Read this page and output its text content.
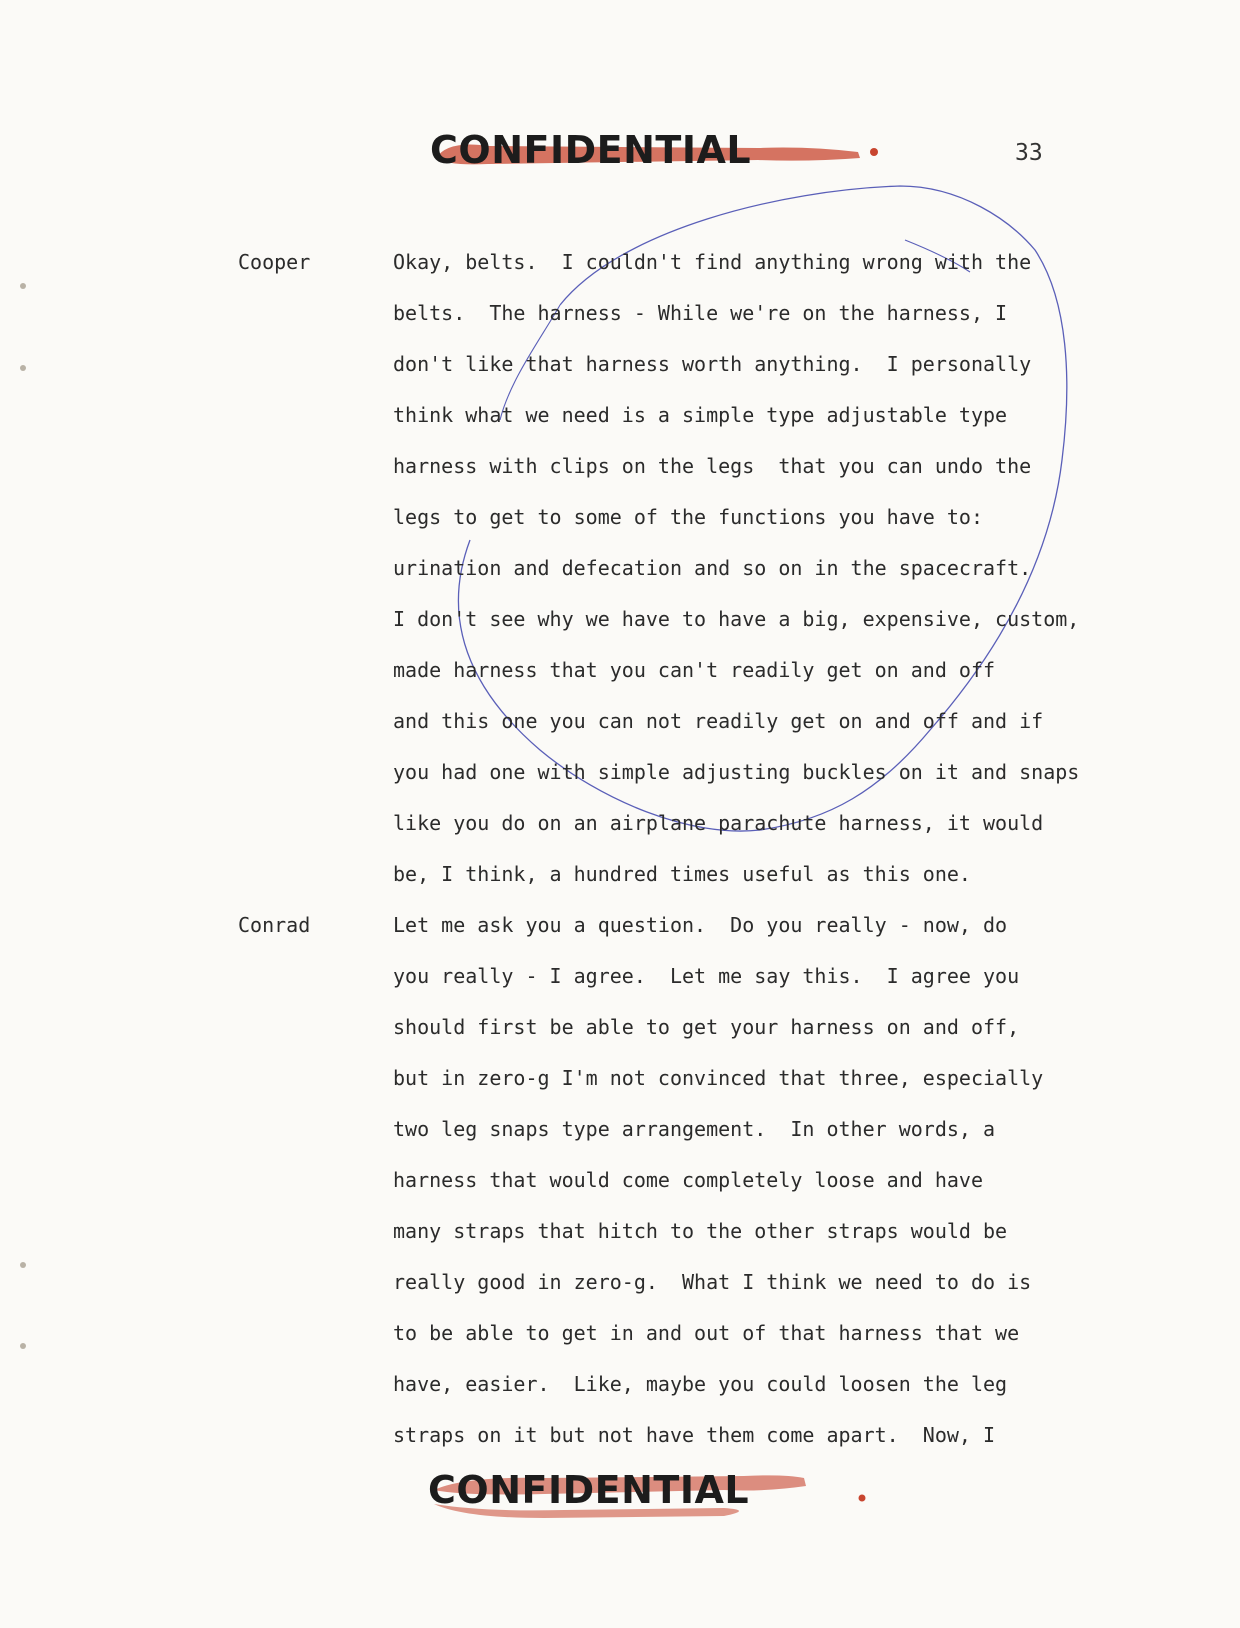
CONFIDENTIAL	33
Cooper	Okay, belts.  I couldn't find anything wrong with the
belts.  The harness - While we're on the harness, I
don't like that harness worth anything.  I personally
think what we need is a simple type adjustable type
harness with clips on the legs  that you can undo the
legs to get to some of the functions you have to:
urination and defecation and so on in the spacecraft.
I don't see why we have to have a big, expensive, custom,
made harness that you can't readily get on and off
and this one you can not readily get on and off and if
you had one with simple adjusting buckles on it and snaps
like you do on an airplane parachute harness, it would
be, I think, a hundred times useful as this one.
Conrad	Let me ask you a question.  Do you really - now, do
you really - I agree.  Let me say this.  I agree you
should first be able to get your harness on and off,
but in zero-g I'm not convinced that three, especially
two leg snaps type arrangement.  In other words, a
harness that would come completely loose and have
many straps that hitch to the other straps would be
really good in zero-g.  What I think we need to do is
to be able to get in and out of that harness that we
have, easier.  Like, maybe you could loosen the leg
straps on it but not have them come apart.  Now, I
CONFIDENTIAL
